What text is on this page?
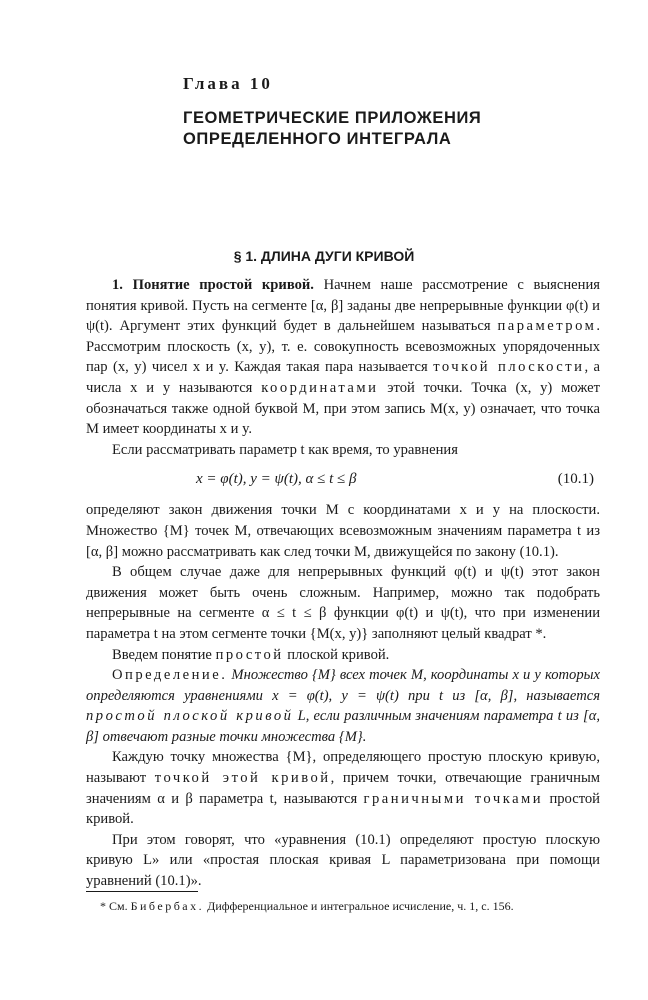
Глава 10
ГЕОМЕТРИЧЕСКИЕ ПРИЛОЖЕНИЯ
ОПРЕДЕЛЕННОГО ИНТЕГРАЛА
§ 1. ДЛИНА ДУГИ КРИВОЙ

1. Понятие простой кривой. Начнем наше рассмотрение с выяснения понятия кривой. Пусть на сегменте [α, β] заданы две непрерывные функции φ(t) и ψ(t). Аргумент этих функций будет в дальнейшем называться параметром. Рассмотрим плоскость (x, y), т. е. совокупность всевозможных упорядоченных пар (x, y) чисел x и y. Каждая такая пара называется точкой плоскости, а числа x и y называются координатами этой точки. Точка (x, y) может обозначаться также одной буквой M, при этом запись M(x, y) означает, что точка M имеет координаты x и y.

Если рассматривать параметр t как время, то уравнения

x = φ(t), y = ψ(t), α ≤ t ≤ β	(10.1)

определяют закон движения точки M с координатами x и y на плоскости. Множество {M} точек M, отвечающих всевозможным значениям параметра t из [α, β] можно рассматривать как след точки M, движущейся по закону (10.1).

В общем случае даже для непрерывных функций φ(t) и ψ(t) этот закон движения может быть очень сложным. Например, можно так подобрать непрерывные на сегменте α ≤ t ≤ β функции φ(t) и ψ(t), что при изменении параметра t на этом сегменте точки {M(x, y)} заполняют целый квадрат *.

Введем понятие простой плоской кривой.

Определение. Множество {M} всех точек M, координаты x и y которых определяются уравнениями x = φ(t), y = ψ(t) при t из [α, β], называется простой плоской кривой L, если различным значениям параметра t из [α, β] отвечают разные точки множества {M}.

Каждую точку множества {M}, определяющего простую плоскую кривую, называют точкой этой кривой, причем точки, отвечающие граничным значениям α и β параметра t, называются граничными точками простой кривой.

При этом говорят, что «уравнения (10.1) определяют простую плоскую кривую L» или «простая плоская кривая L параметризована при помощи уравнений (10.1)».

* См. Бибербах. Дифференциальное и интегральное исчисление, ч. 1, с. 156.
